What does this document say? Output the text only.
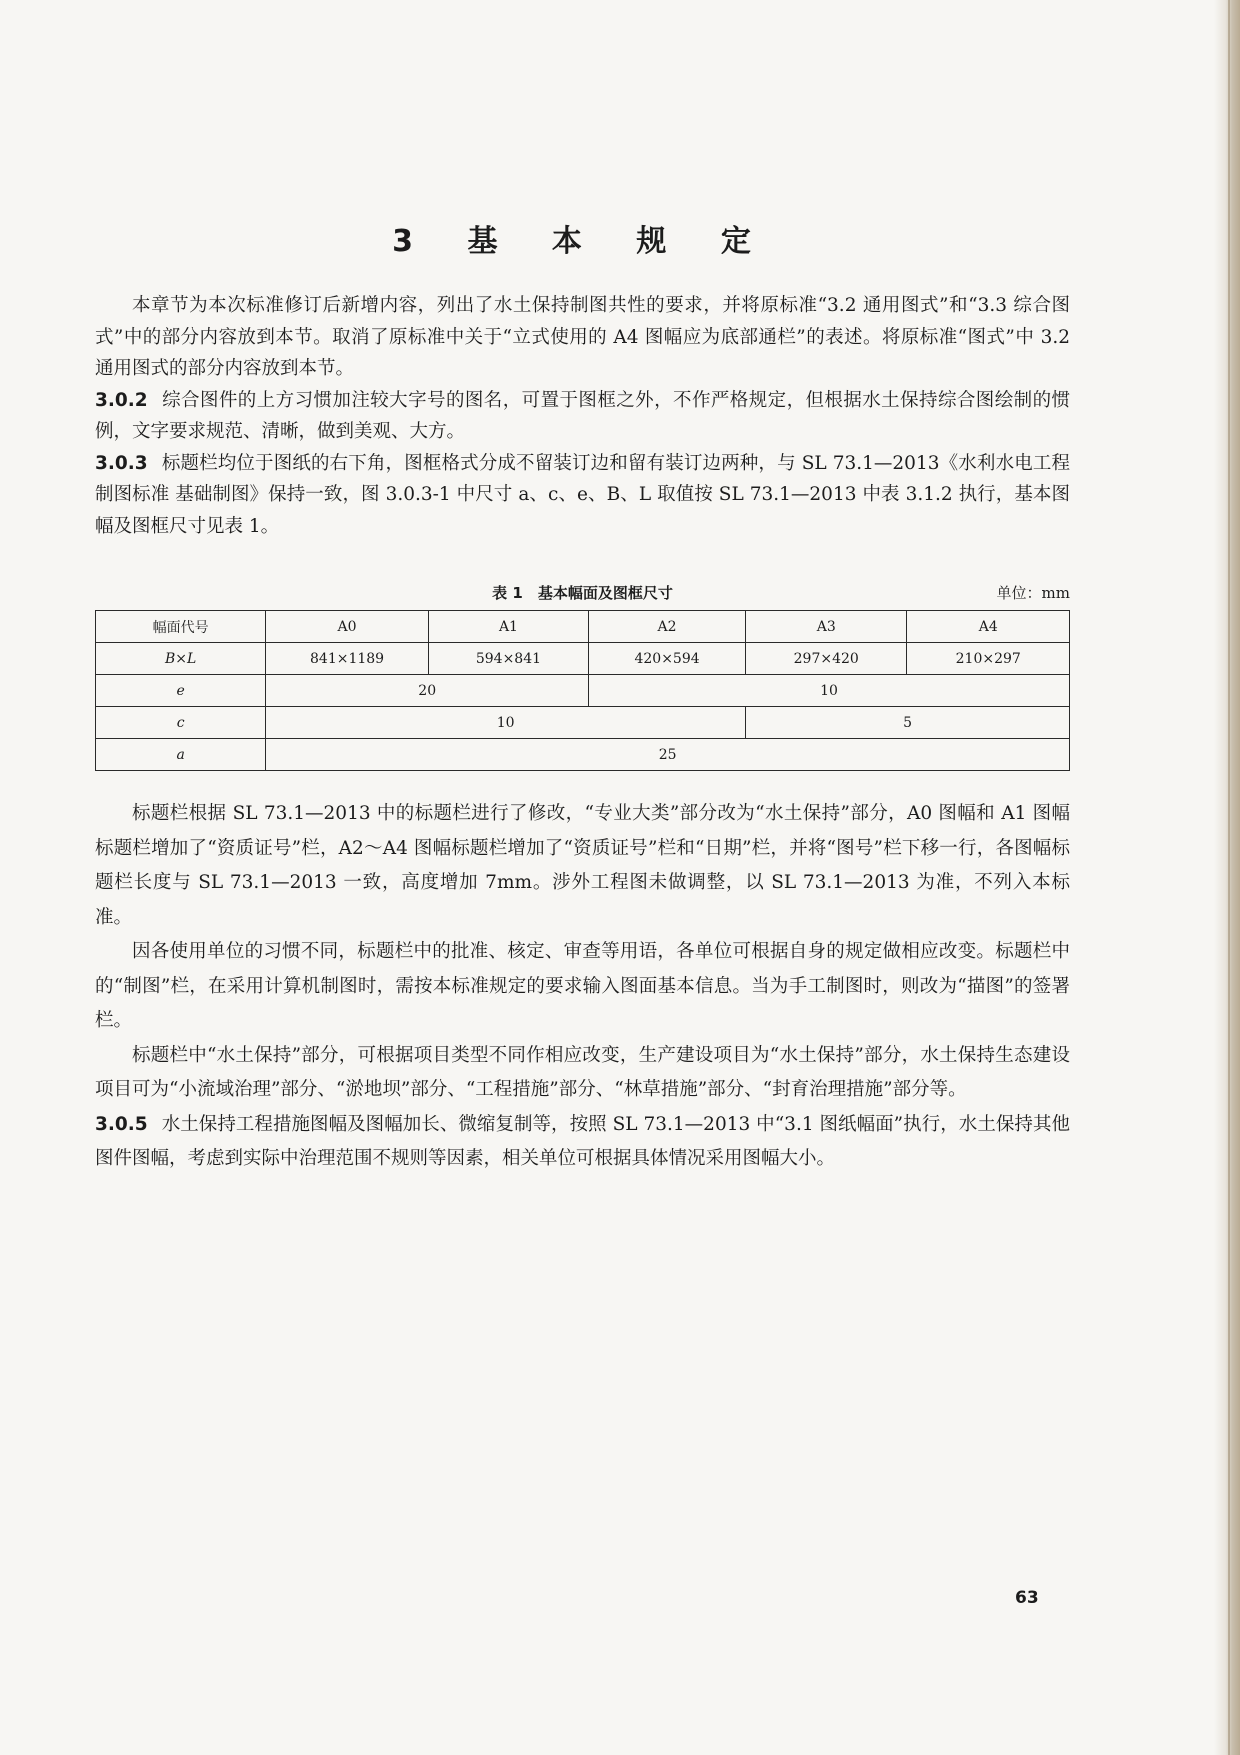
3 基 本 规 定

本章节为本次标准修订后新增内容，列出了水土保持制图共性的要求，并将原标准“3.2 通用图式”和“3.3 综合图式”中的部分内容放到本节。取消了原标准中关于“立式使用的 A4 图幅应为底部通栏”的表述。将原标准“图式”中 3.2 通用图式的部分内容放到本节。

3.0.2 综合图件的上方习惯加注较大字号的图名，可置于图框之外，不作严格规定，但根据水土保持综合图绘制的惯例，文字要求规范、清晰，做到美观、大方。

3.0.3 标题栏均位于图纸的右下角，图框格式分成不留装订边和留有装订边两种，与 SL 73.1—2013《水利水电工程制图标准 基础制图》保持一致，图 3.0.3-1 中尺寸 a、c、e、B、L 取值按 SL 73.1—2013 中表 3.1.2 执行，基本图幅及图框尺寸见表 1。

表 1　基本幅面及图框尺寸	单位：mm
幅面代号	A0	A1	A2	A3	A4
B×L	841×1189	594×841	420×594	297×420	210×297
e	20		10		
c	10			5	
a	25				

标题栏根据 SL 73.1—2013 中的标题栏进行了修改，“专业大类”部分改为“水土保持”部分，A0 图幅和 A1 图幅标题栏增加了“资质证号”栏，A2～A4 图幅标题栏增加了“资质证号”栏和“日期”栏，并将“图号”栏下移一行，各图幅标题栏长度与 SL 73.1—2013 一致，高度增加 7mm。涉外工程图未做调整，以 SL 73.1—2013 为准，不列入本标准。

因各使用单位的习惯不同，标题栏中的批准、核定、审查等用语，各单位可根据自身的规定做相应改变。标题栏中的“制图”栏，在采用计算机制图时，需按本标准规定的要求输入图面基本信息。当为手工制图时，则改为“描图”的签署栏。

标题栏中“水土保持”部分，可根据项目类型不同作相应改变，生产建设项目为“水土保持”部分，水土保持生态建设项目可为“小流域治理”部分、“淤地坝”部分、“工程措施”部分、“林草措施”部分、“封育治理措施”部分等。

3.0.5 水土保持工程措施图幅及图幅加长、微缩复制等，按照 SL 73.1—2013 中“3.1 图纸幅面”执行，水土保持其他图件图幅，考虑到实际中治理范围不规则等因素，相关单位可根据具体情况采用图幅大小。

63
